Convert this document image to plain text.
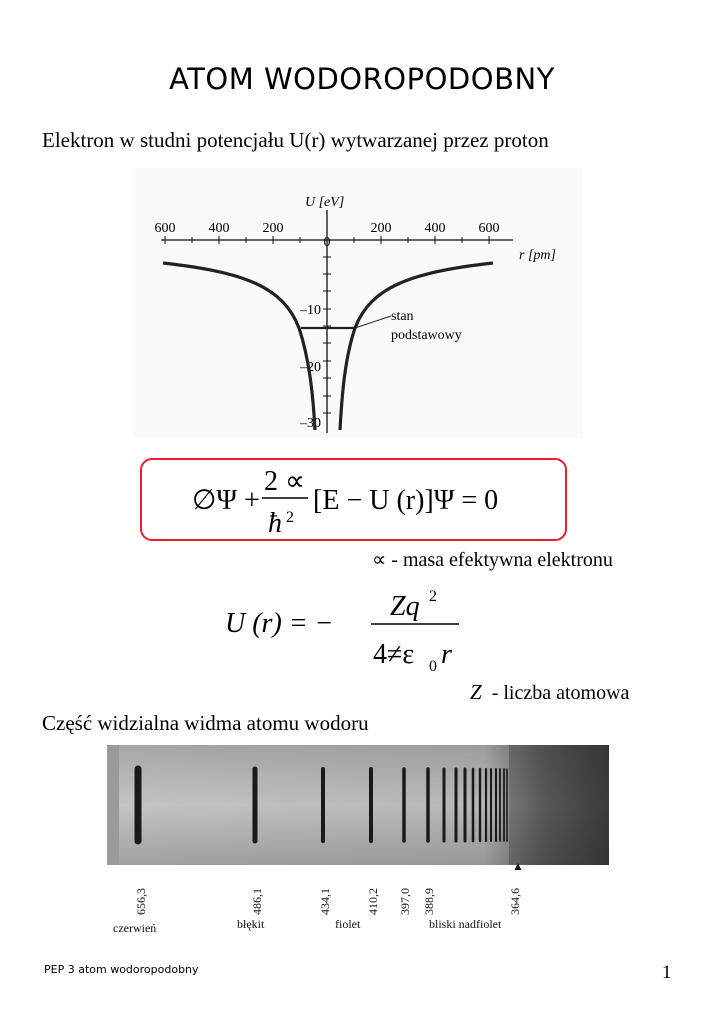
ATOM WODOROPODOBNY
Elektron w studni potencjału U(r) wytwarzanej przez proton
600 400 200
0
200 400 600
U [eV]
r [pm]
–10
–20
–30
stan
podstawowy
∅Ψ +
2 ∝
ħ 2
[E − U (r)]Ψ = 0
∝ - masa efektywna elektronu
U (r) = −
Zq 2
4≠ε 0 r
Z - liczba atomowa
Część widzialna widma atomu wodoru
▲
656,3	486,1	434,1	410,2 397,0 388,9	364,6
czerwień	błękit	fiolet	bliski nadfiolet
PEP 3 atom wodoropodobny	1
